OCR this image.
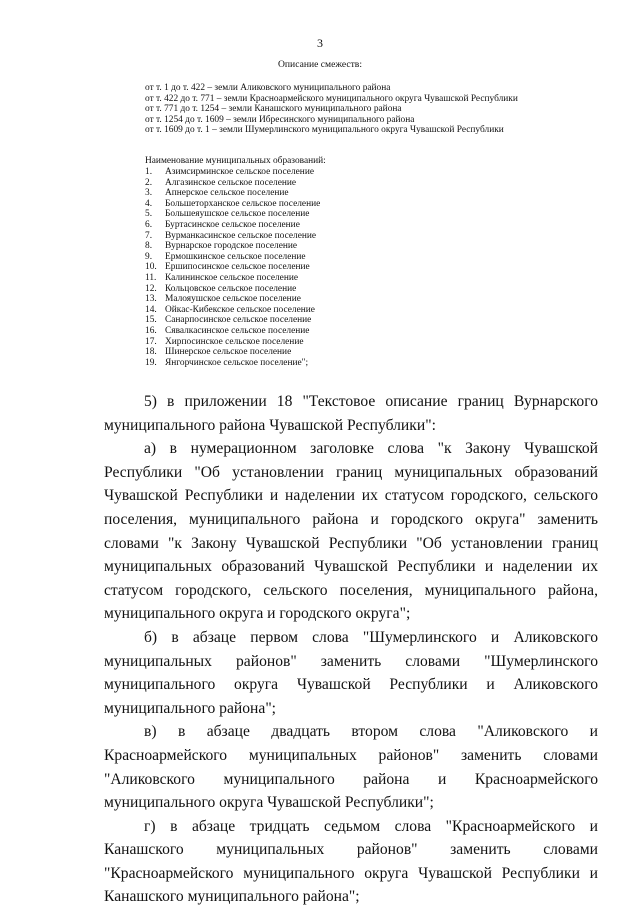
3
Описание смежеств:
от т. 1 до т. 422 – земли Аликовского муниципального района
от т. 422 до т. 771 – земли Красноармейского муниципального округа Чувашской Республики
от т. 771 до т. 1254 – земли Канашского муниципального района
от т. 1254 до т. 1609 – земли Ибресинского муниципального района
от т. 1609 до т. 1 – земли Шумерлинского муниципального округа Чувашской Республики
Наименование муниципальных образований:
1. Азимсирминское сельское поселение
2. Алгазинское сельское поселение
3. Апнерское сельское поселение
4. Большеторханское сельское поселение
5. Большеяушское сельское поселение
6. Буртасинское сельское поселение
7. Вурманкасинское сельское поселение
8. Вурнарское городское поселение
9. Ермошкинское сельское поселение
10. Ершипосинское сельское поселение
11. Калининское сельское поселение
12. Кольцовское сельское поселение
13. Малояушское сельское поселение
14. Ойкас-Кибекское сельское поселение
15. Санарпосинское сельское поселение
16. Сявалкасинское сельское поселение
17. Хирпосинское сельское поселение
18. Шинерское сельское поселение
19. Янгорчинское сельское поселение";

5) в приложении 18 "Текстовое описание границ Вурнарского муниципального района Чувашской Республики":

а) в нумерационном заголовке слова "к Закону Чувашской Республики "Об установлении границ муниципальных образований Чувашской Республики и наделении их статусом городского, сельского поселения, муниципального района и городского округа" заменить словами "к Закону Чувашской Республики "Об установлении границ муниципальных образований Чувашской Республики и наделении их статусом городского, сельского поселения, муниципального района, муниципального округа и городского округа";

б) в абзаце первом слова "Шумерлинского и Аликовского муниципальных районов" заменить словами "Шумерлинского муниципального округа Чувашской Республики и Аликовского муниципального района";

в) в абзаце двадцать втором слова "Аликовского и Красноармейского муниципальных районов" заменить словами "Аликовского муниципального района и Красноармейского муниципального округа Чувашской Республики";

г) в абзаце тридцать седьмом слова "Красноармейского и Канашского муниципальных районов" заменить словами "Красноармейского муниципального округа Чувашской Республики и Канашского муниципального района";
